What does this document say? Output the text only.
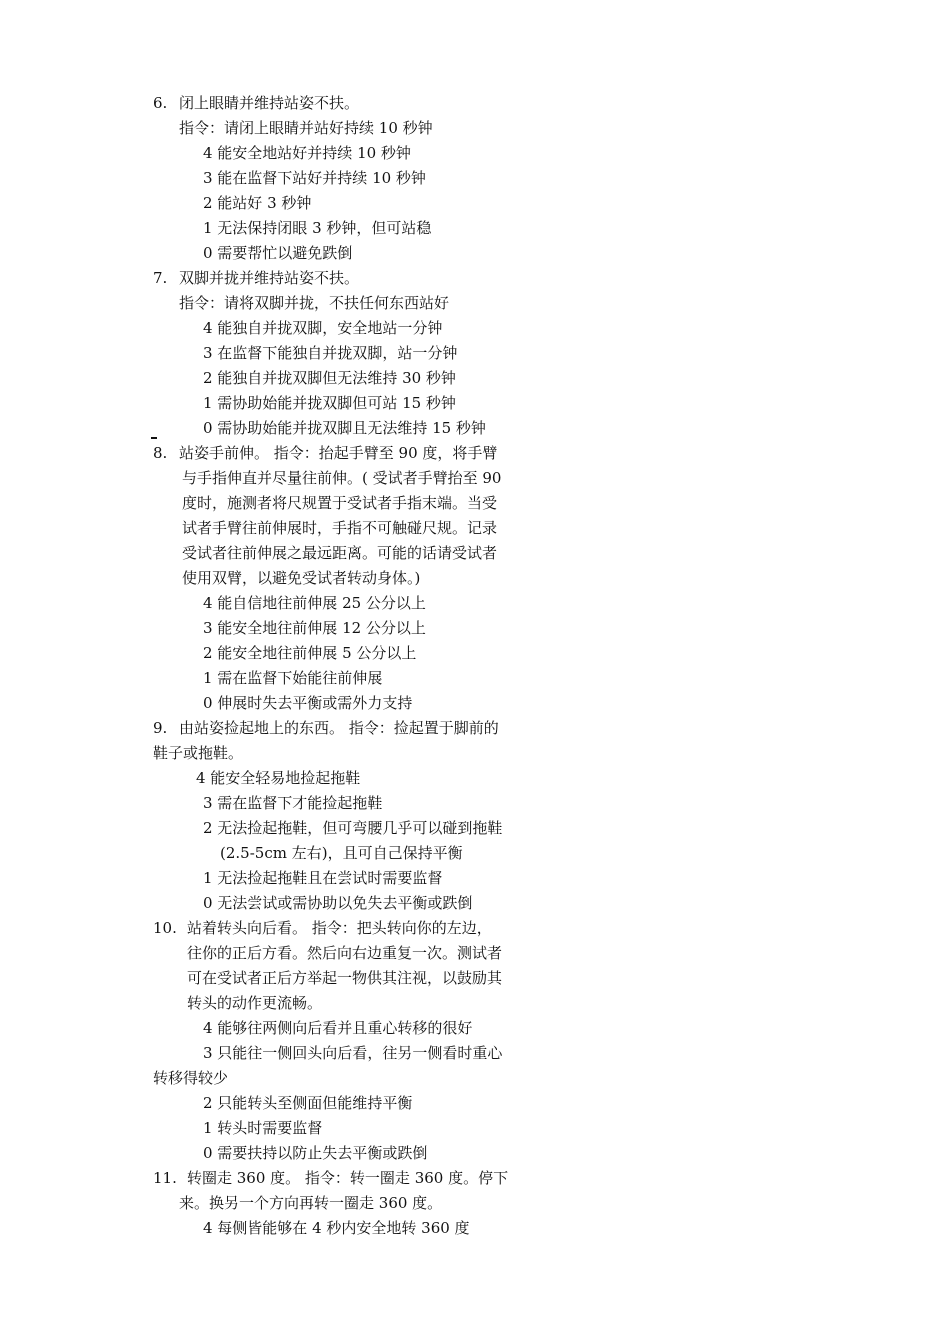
6. 闭上眼睛并维持站姿不扶。
指令：请闭上眼睛并站好持续 10 秒钟
4 能安全地站好并持续 10 秒钟
3 能在监督下站好并持续 10 秒钟
2 能站好 3 秒钟
1 无法保持闭眼 3 秒钟，但可站稳
0 需要帮忙以避免跌倒
7. 双脚并拢并维持站姿不扶。
指令：请将双脚并拢，不扶任何东西站好
4 能独自并拢双脚，安全地站一分钟
3 在监督下能独自并拢双脚，站一分钟
2 能独自并拢双脚但无法维持 30 秒钟
1 需协助始能并拢双脚但可站 15 秒钟
0 需协助始能并拢双脚且无法维持 15 秒钟
8. 站姿手前伸。 指令：抬起手臂至 90 度，将手臂
与手指伸直并尽量往前伸。( 受试者手臂抬至 90
度时，施测者将尺规置于受试者手指末端。当受
试者手臂往前伸展时，手指不可触碰尺规。记录
受试者往前伸展之最远距离。可能的话请受试者
使用双臂，以避免受试者转动身体。)
4 能自信地往前伸展 25 公分以上
3 能安全地往前伸展 12 公分以上
2 能安全地往前伸展 5 公分以上
1 需在监督下始能往前伸展
0 伸展时失去平衡或需外力支持
9. 由站姿捡起地上的东西。 指令：捡起置于脚前的
鞋子或拖鞋。
4 能安全轻易地捡起拖鞋
3 需在监督下才能捡起拖鞋
2 无法捡起拖鞋，但可弯腰几乎可以碰到拖鞋
(2.5-5cm 左右)，且可自己保持平衡
1 无法捡起拖鞋且在尝试时需要监督
0 无法尝试或需协助以免失去平衡或跌倒
10. 站着转头向后看。 指令：把头转向你的左边，
往你的正后方看。然后向右边重复一次。测试者
可在受试者正后方举起一物供其注视，以鼓励其
转头的动作更流畅。
4 能够往两侧向后看并且重心转移的很好
3 只能往一侧回头向后看，往另一侧看时重心
转移得较少
2 只能转头至侧面但能维持平衡
1 转头时需要监督
0 需要扶持以防止失去平衡或跌倒
11. 转圈走 360 度。 指令：转一圈走 360 度。停下
来。换另一个方向再转一圈走 360 度。
4 每侧皆能够在 4 秒内安全地转 360 度
